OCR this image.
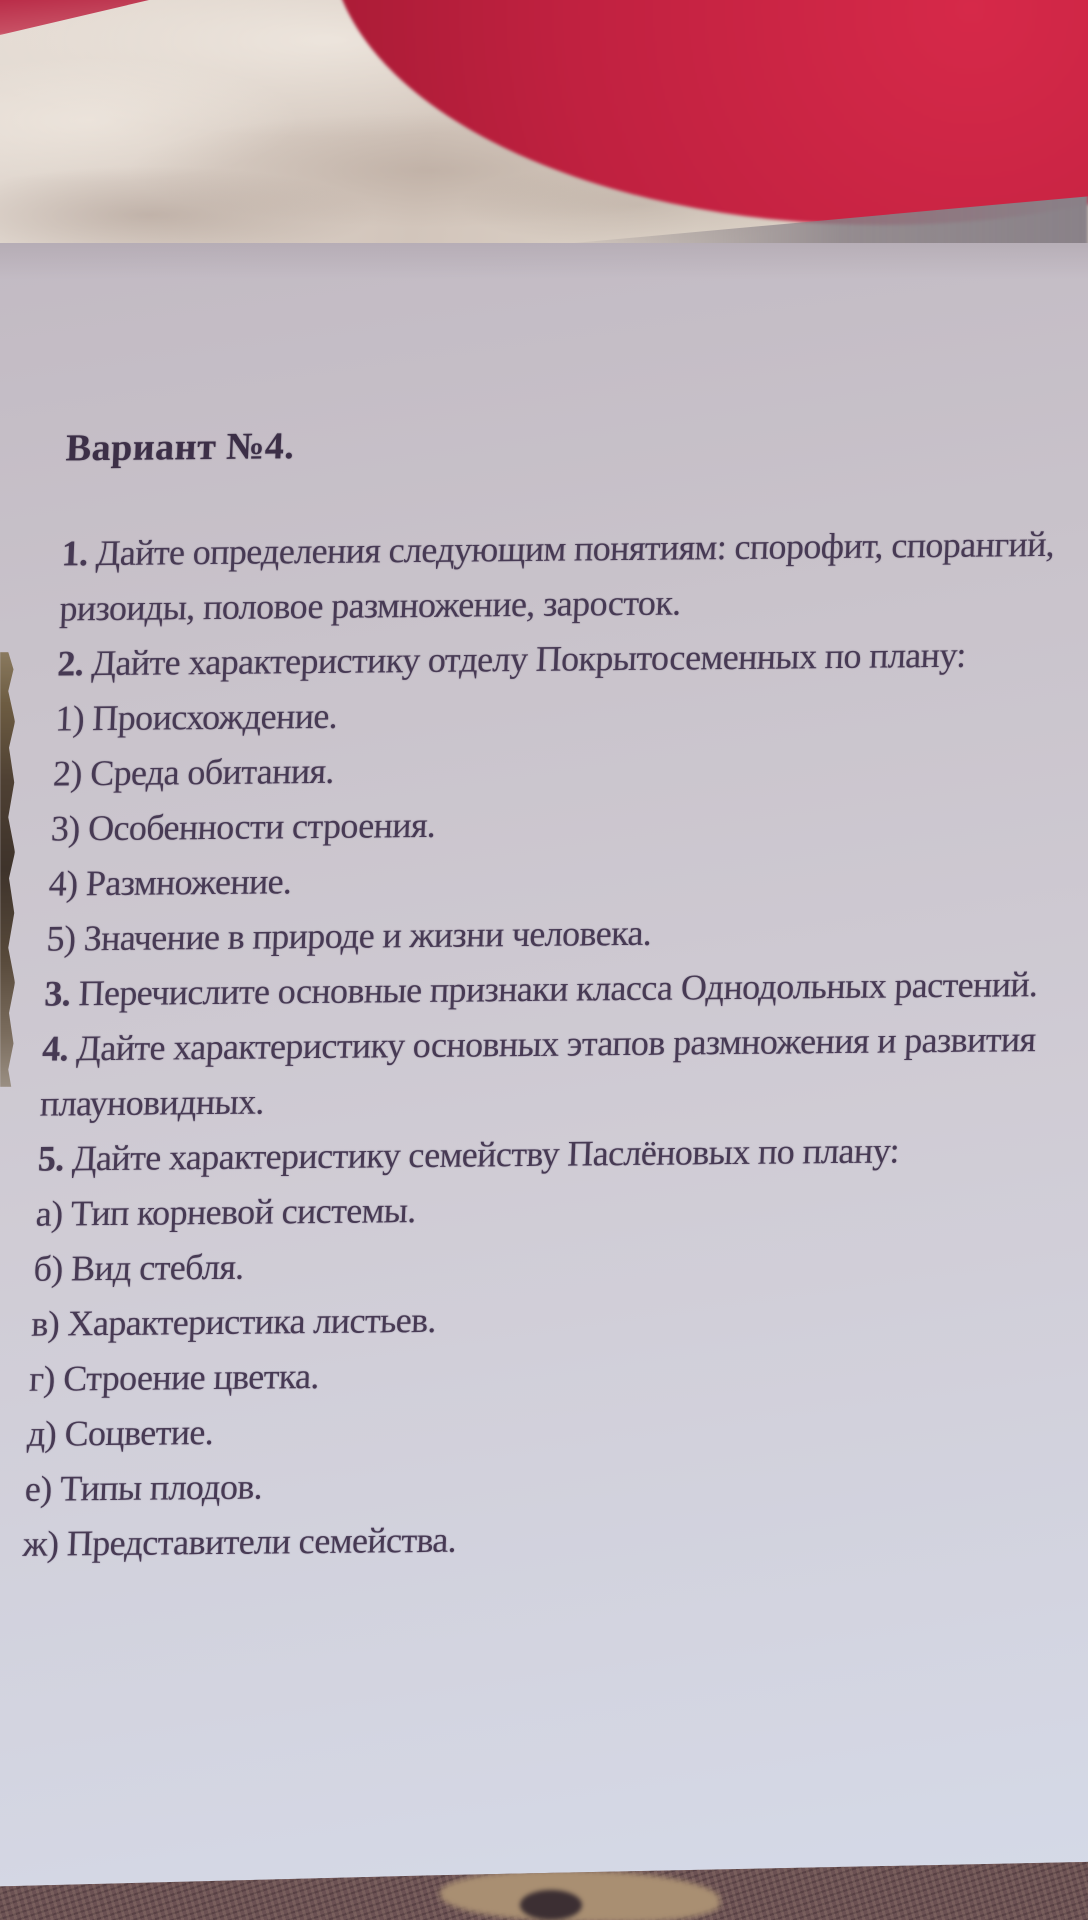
Вариант №4.
1. Дайте определения следующим понятиям: спорофит, спорангий,
ризоиды, половое размножение, заросток.
2. Дайте характеристику отделу Покрытосеменных по плану:
1) Происхождение.
2) Среда обитания.
3) Особенности строения.
4) Размножение.
5) Значение в природе и жизни человека.
3. Перечислите основные признаки класса Однодольных растений.
4. Дайте характеристику основных этапов размножения и развития
плауновидных.
5. Дайте характеристику семейству Паслёновых по плану:
а) Тип корневой системы.
б) Вид стебля.
в) Характеристика листьев.
г) Строение цветка.
д) Соцветие.
е) Типы плодов.
ж) Представители семейства.
